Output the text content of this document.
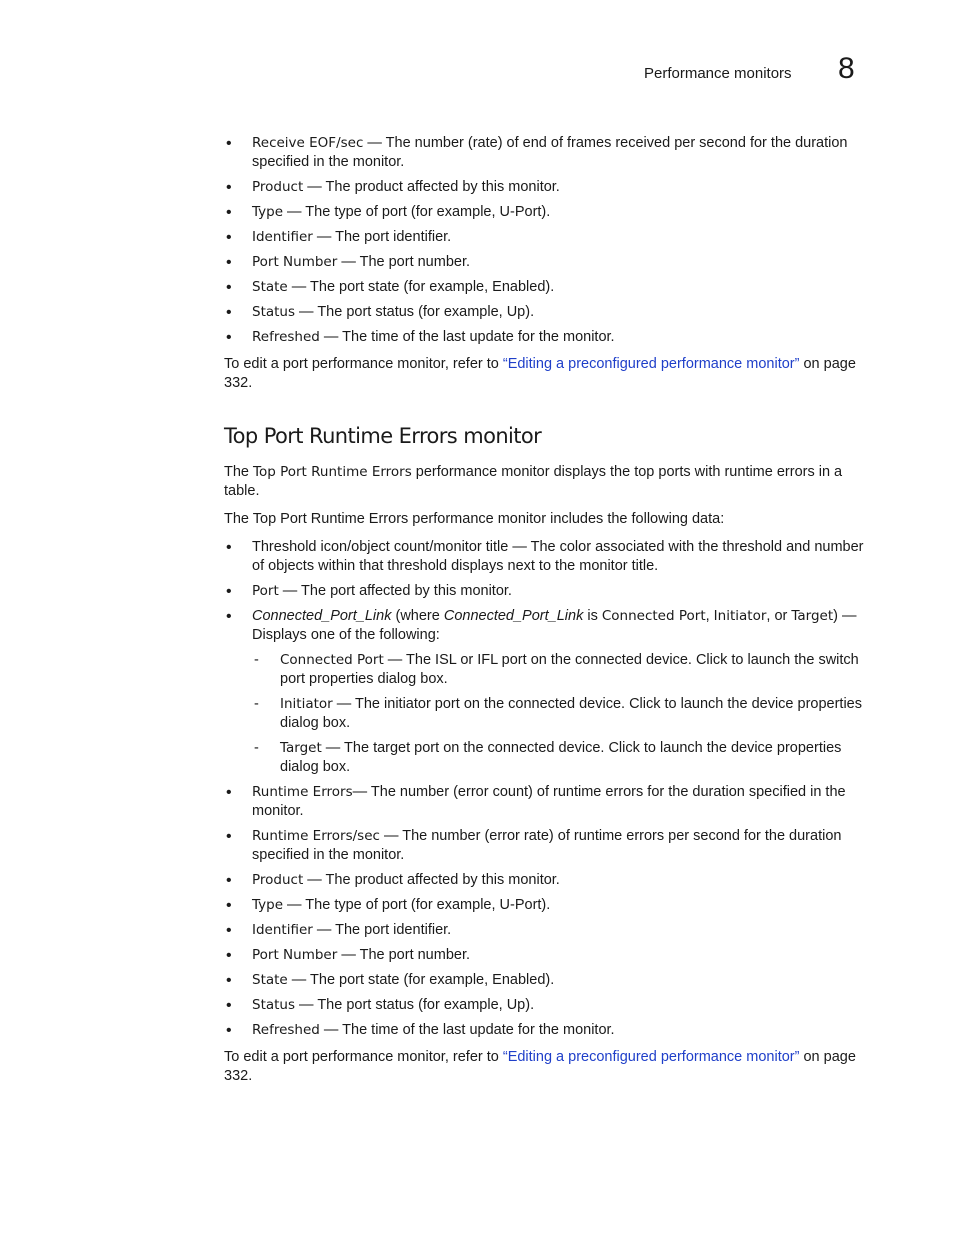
Performance monitors 8
• Receive EOF/sec — The number (rate) of end of frames received per second for the duration specified in the monitor.
• Product — The product affected by this monitor.
• Type — The type of port (for example, U-Port).
• Identifier — The port identifier.
• Port Number — The port number.
• State — The port state (for example, Enabled).
• Status — The port status (for example, Up).
• Refreshed — The time of the last update for the monitor.

To edit a port performance monitor, refer to “Editing a preconfigured performance monitor” on page 332.

Top Port Runtime Errors monitor

The Top Port Runtime Errors performance monitor displays the top ports with runtime errors in a table.

The Top Port Runtime Errors performance monitor includes the following data:

• Threshold icon/object count/monitor title — The color associated with the threshold and number of objects within that threshold displays next to the monitor title.
• Port — The port affected by this monitor.
• Connected_Port_Link (where Connected_Port_Link is Connected Port, Initiator, or Target) — Displays one of the following:
- Connected Port — The ISL or IFL port on the connected device. Click to launch the switch port properties dialog box.
- Initiator — The initiator port on the connected device. Click to launch the device properties dialog box.
- Target — The target port on the connected device. Click to launch the device properties dialog box.
• Runtime Errors— The number (error count) of runtime errors for the duration specified in the monitor.
• Runtime Errors/sec — The number (error rate) of runtime errors per second for the duration specified in the monitor.
• Product — The product affected by this monitor.
• Type — The type of port (for example, U-Port).
• Identifier — The port identifier.
• Port Number — The port number.
• State — The port state (for example, Enabled).
• Status — The port status (for example, Up).
• Refreshed — The time of the last update for the monitor.

To edit a port performance monitor, refer to “Editing a preconfigured performance monitor” on page 332.
